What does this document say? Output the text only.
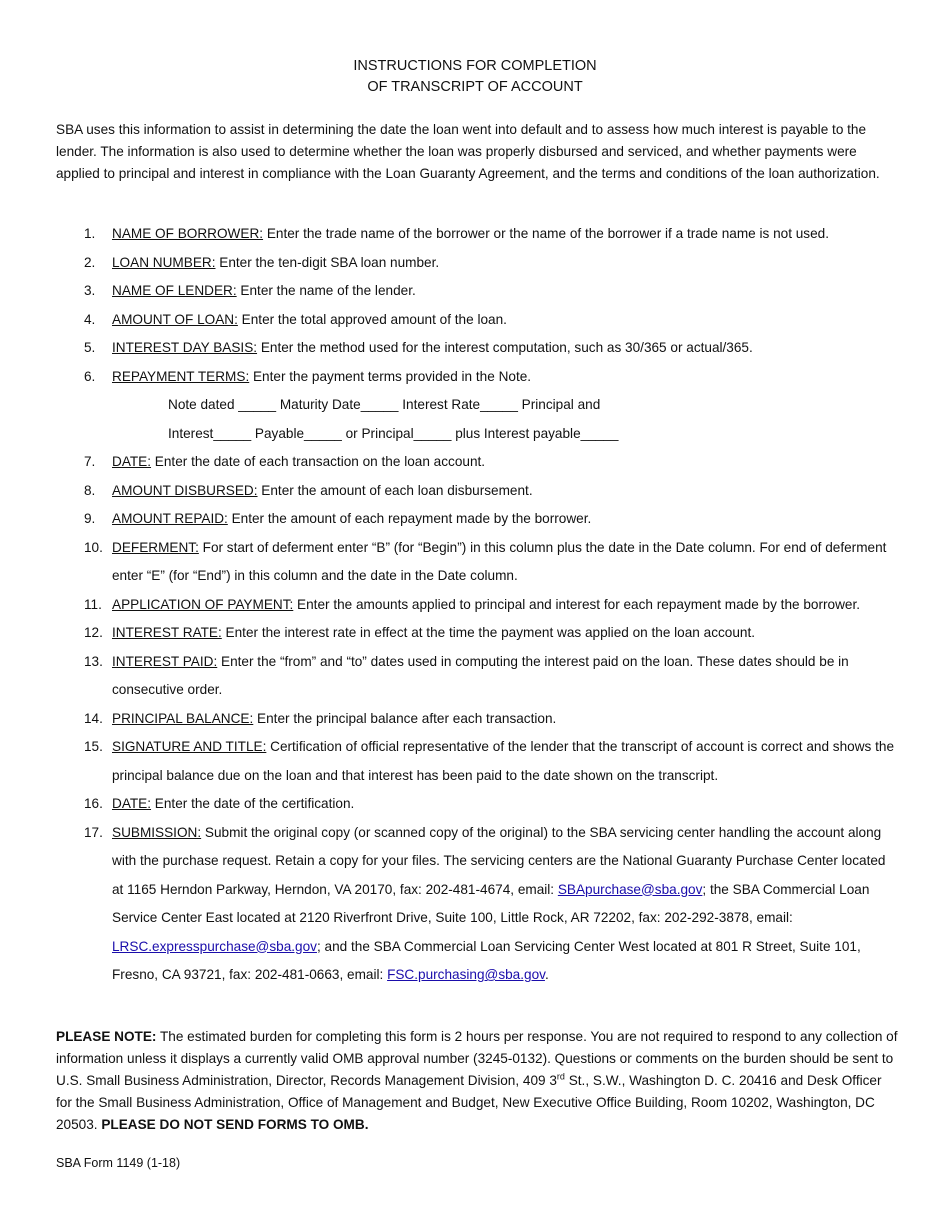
INSTRUCTIONS FOR COMPLETION
OF TRANSCRIPT OF ACCOUNT

SBA uses this information to assist in determining the date the loan went into default and to assess how much interest is payable to the lender. The information is also used to determine whether the loan was properly disbursed and serviced, and whether payments were applied to principal and interest in compliance with the Loan Guaranty Agreement, and the terms and conditions of the loan authorization.

1. NAME OF BORROWER: Enter the trade name of the borrower or the name of the borrower if a trade name is not used.
2. LOAN NUMBER: Enter the ten-digit SBA loan number.
3. NAME OF LENDER: Enter the name of the lender.
4. AMOUNT OF LOAN: Enter the total approved amount of the loan.
5. INTEREST DAY BASIS: Enter the method used for the interest computation, such as 30/365 or actual/365.
6. REPAYMENT TERMS: Enter the payment terms provided in the Note.
Note dated _____ Maturity Date_____ Interest Rate_____ Principal and
Interest_____ Payable_____ or Principal_____ plus Interest payable_____
7. DATE: Enter the date of each transaction on the loan account.
8. AMOUNT DISBURSED: Enter the amount of each loan disbursement.
9. AMOUNT REPAID: Enter the amount of each repayment made by the borrower.
10. DEFERMENT: For start of deferment enter “B” (for “Begin”) in this column plus the date in the Date column. For end of deferment enter “E” (for “End”) in this column and the date in the Date column.
11. APPLICATION OF PAYMENT: Enter the amounts applied to principal and interest for each repayment made by the borrower.
12. INTEREST RATE: Enter the interest rate in effect at the time the payment was applied on the loan account.
13. INTEREST PAID: Enter the “from” and “to” dates used in computing the interest paid on the loan. These dates should be in consecutive order.
14. PRINCIPAL BALANCE: Enter the principal balance after each transaction.
15. SIGNATURE AND TITLE: Certification of official representative of the lender that the transcript of account is correct and shows the principal balance due on the loan and that interest has been paid to the date shown on the transcript.
16. DATE: Enter the date of the certification.
17. SUBMISSION: Submit the original copy (or scanned copy of the original) to the SBA servicing center handling the account along with the purchase request. Retain a copy for your files. The servicing centers are the National Guaranty Purchase Center located at 1165 Herndon Parkway, Herndon, VA 20170, fax: 202-481-4674, email: SBApurchase@sba.gov; the SBA Commercial Loan Service Center East located at 2120 Riverfront Drive, Suite 100, Little Rock, AR 72202, fax: 202-292-3878, email: LRSC.expresspurchase@sba.gov; and the SBA Commercial Loan Servicing Center West located at 801 R Street, Suite 101, Fresno, CA 93721, fax: 202-481-0663, email: FSC.purchasing@sba.gov.

PLEASE NOTE: The estimated burden for completing this form is 2 hours per response. You are not required to respond to any collection of information unless it displays a currently valid OMB approval number (3245-0132). Questions or comments on the burden should be sent to U.S. Small Business Administration, Director, Records Management Division, 409 3rd St., S.W., Washington D. C. 20416 and Desk Officer for the Small Business Administration, Office of Management and Budget, New Executive Office Building, Room 10202, Washington, DC 20503. PLEASE DO NOT SEND FORMS TO OMB.

SBA Form 1149 (1-18)
